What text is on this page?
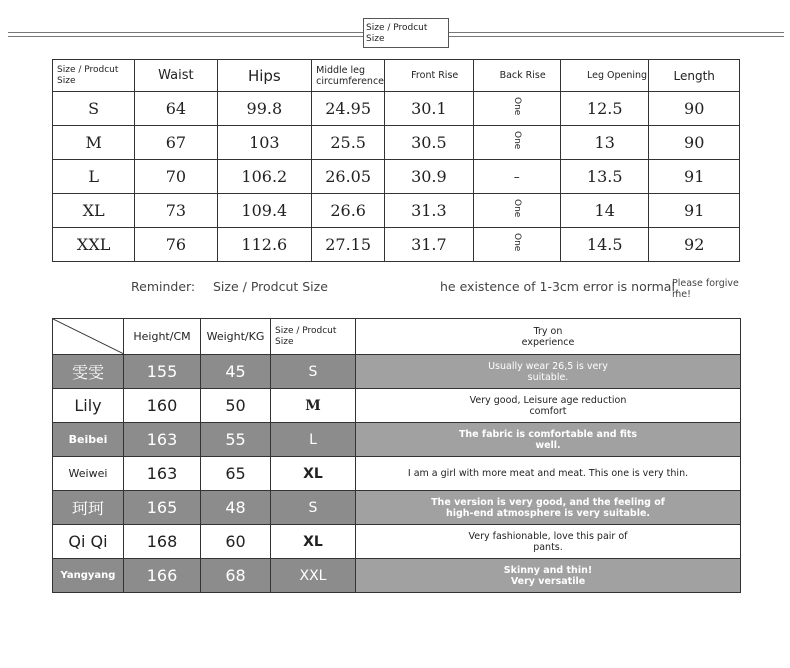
Size / Prodcut Size
Size / Prodcut Size	Waist	Hips	Middle leg circumference	Front Rise	Back Rise	Leg Opening	Length
S	64	99.8	24.95	30.1	One	12.5	90
M	67	103	25.5	30.5	One	13	90
L	70	106.2	26.05	30.9	–	13.5	91
XL	73	109.4	26.6	31.3	One	14	91
XXL	76	112.6	27.15	31.7	One	14.5	92
Reminder: Size / Prodcut Size	he existence of 1-3cm error is normal,
Please forgive me!
	Height/CM	Weight/KG	Size / Prodcut Size	Try on experience
雯雯	155	45	S	Usually wear 26,5 is very suitable.
Lily	160	50	M	Very good, Leisure age reduction comfort
Beibei	163	55	L	The fabric is comfortable and fits well.
Weiwei	163	65	XL	I am a girl with more meat and meat. This one is very thin.
珂珂	165	48	S	The version is very good, and the feeling of high-end atmosphere is very suitable.
Qi Qi	168	60	XL	Very fashionable, love this pair of pants.
Yangyang	166	68	XXL	Skinny and thin! Very versatile
